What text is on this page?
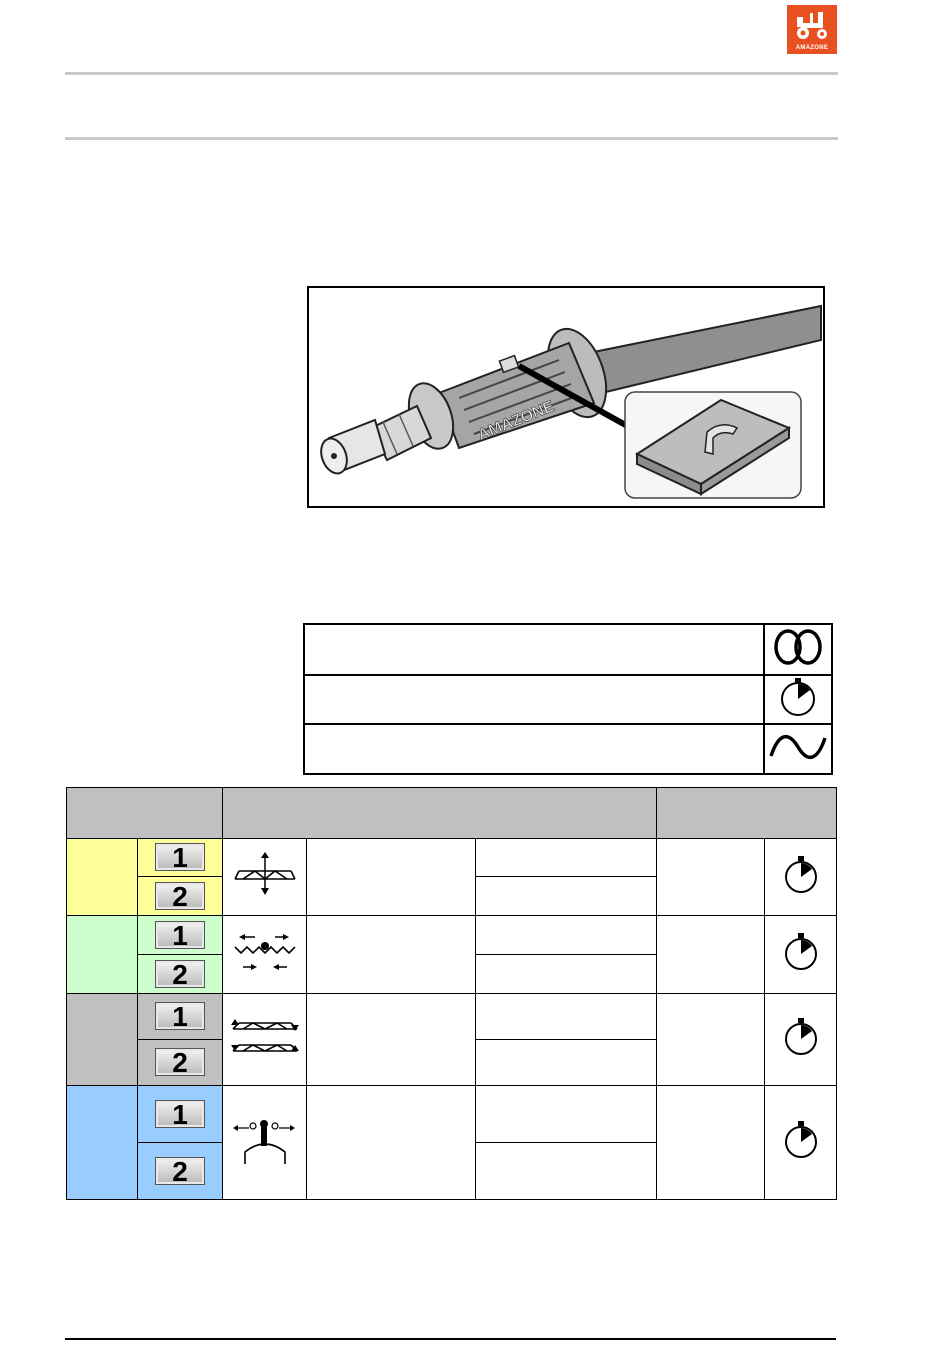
AMAZONE
AMAZONE

	1					
	2					
	1					
	2					
	1					
	2					
	1					
	2					
